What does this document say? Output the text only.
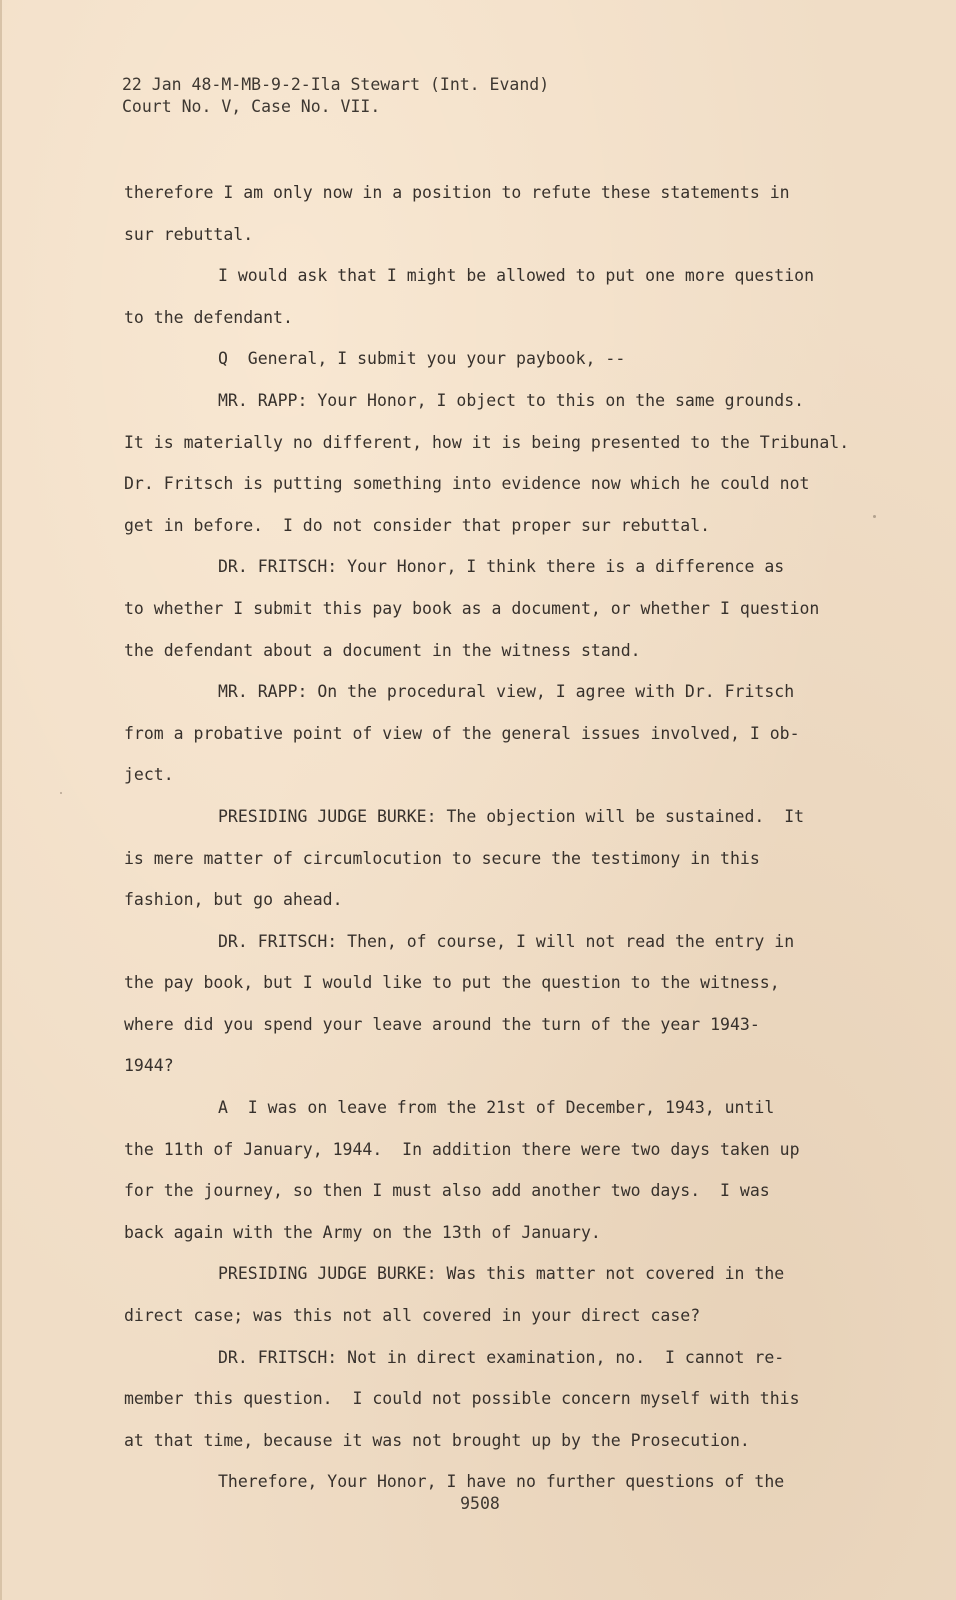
22 Jan 48-M-MB-9-2-Ila Stewart (Int. Evand)
Court No. V, Case No. VII.
therefore I am only now in a position to refute these statements in
sur rebuttal.
I would ask that I might be allowed to put one more question
to the defendant.
Q  General, I submit you your paybook, --
MR. RAPP: Your Honor, I object to this on the same grounds.
It is materially no different, how it is being presented to the Tribunal.
Dr. Fritsch is putting something into evidence now which he could not
get in before.  I do not consider that proper sur rebuttal.
DR. FRITSCH: Your Honor, I think there is a difference as
to whether I submit this pay book as a document, or whether I question
the defendant about a document in the witness stand.
MR. RAPP: On the procedural view, I agree with Dr. Fritsch
from a probative point of view of the general issues involved, I ob-
ject.
PRESIDING JUDGE BURKE: The objection will be sustained.  It
is mere matter of circumlocution to secure the testimony in this
fashion, but go ahead.
DR. FRITSCH: Then, of course, I will not read the entry in
the pay book, but I would like to put the question to the witness,
where did you spend your leave around the turn of the year 1943-
1944?
A  I was on leave from the 21st of December, 1943, until
the 11th of January, 1944.  In addition there were two days taken up
for the journey, so then I must also add another two days.  I was
back again with the Army on the 13th of January.
PRESIDING JUDGE BURKE: Was this matter not covered in the
direct case; was this not all covered in your direct case?
DR. FRITSCH: Not in direct examination, no.  I cannot re-
member this question.  I could not possible concern myself with this
at that time, because it was not brought up by the Prosecution.
Therefore, Your Honor, I have no further questions of the
9508
